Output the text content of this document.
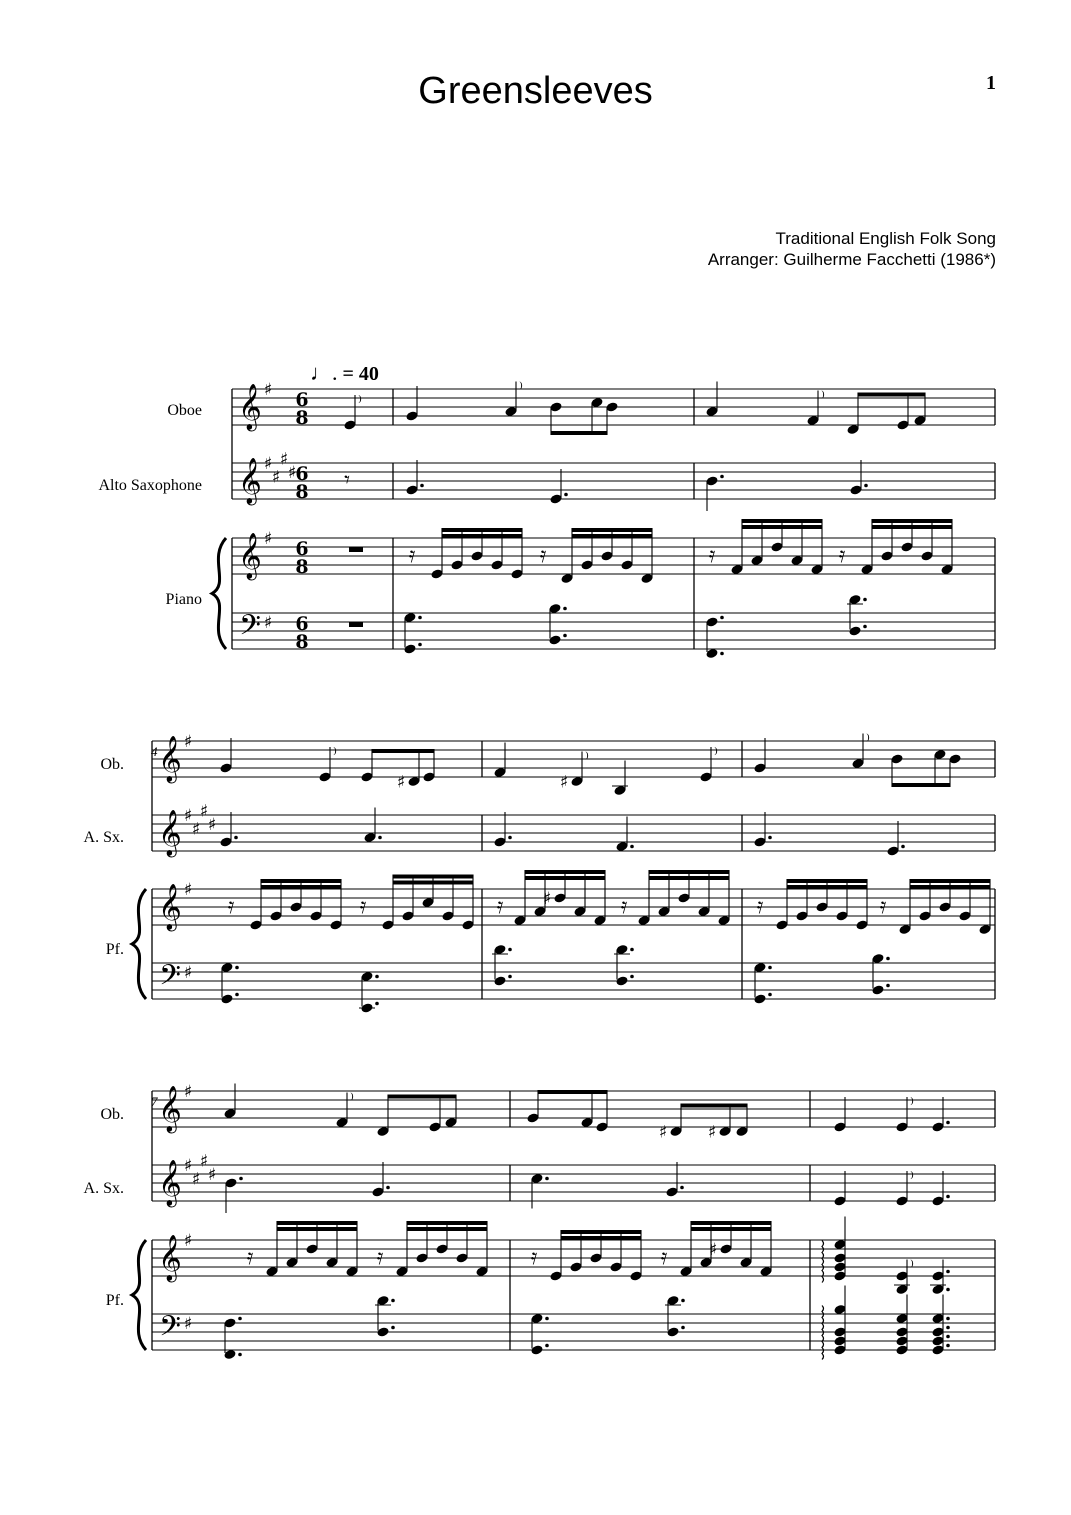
Greensleeves	1
Traditional English Folk Song
Arranger: Guilherme Facchetti (1986*)
♩. = 40
Oboe
Alto Saxophone
Piano
Ob.
A. Sx.
Pf.
Ob.
A. Sx.
Pf.
4
7
𝄞
𝄞
𝄞
𝄢
♯
♯
♯
♯
♯
♯
♯
6
8
6
8
6
8
6
8
𝄞
𝄞
𝄞
𝄢
♯
♯
♯
♯
♯
♯
♯
𝄞
𝄞
𝄞
𝄢
♯
♯
♯
♯
♯
♯
♯
⁾
𝄾
⁾
𝄿	𝄿
⁾
𝄿	𝄿
⁾
♯
𝄿	𝄿
♯
⁾	⁾
𝄿 ♯	𝄿
⁾
𝄿	𝄿
⁾
𝄿	𝄿
♯ ♯
𝄿	𝄿 ♯
⁾
⁾
⁾
